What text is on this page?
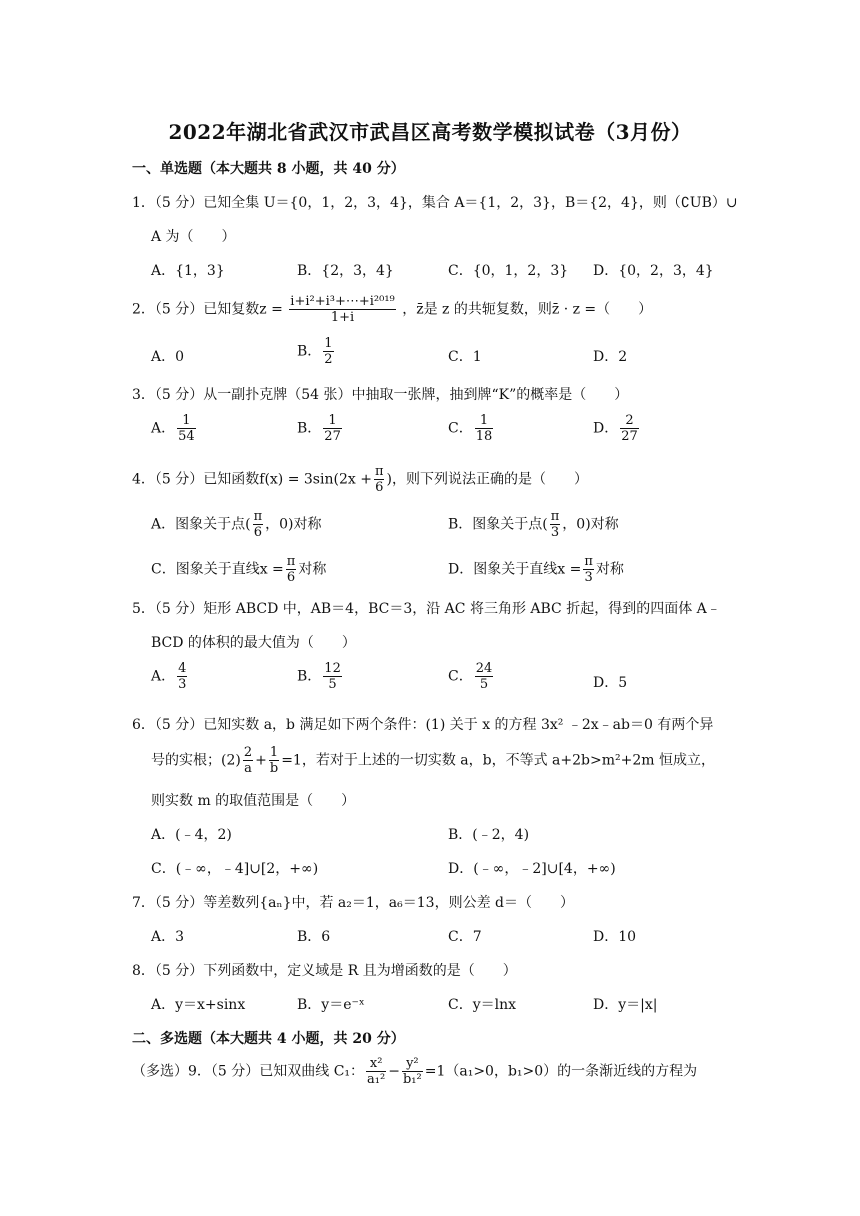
2022年湖北省武汉市武昌区高考数学模拟试卷（3月份）
一、单选题（本大题共 8 小题，共 40 分）
1．（5 分）已知全集 U＝{0，1，2，3，4}，集合 A＝{1，2，3}，B＝{2，4}，则（∁UB）∪
A 为（　　）
A．{1，3}	B．{2，3，4}	C．{0，1，2，3} D．{0，2，3，4}
2．（5 分）已知复数$z = \frac{\text{i+i²+i³+⋯+i²⁰¹⁹}}{1+i}$ ，z̄是 z 的共轭复数，则z̄ · z =（　　）
A．0	B． $\frac{1}{2}$	C．1	D．2
3．（5 分）从一副扑克牌（54 张）中抽取一张牌，抽到牌“K”的概率是（　　）
A． $\frac{1}{54}$	B． $\frac{1}{27}$	C． $\frac{1}{18}$	D． $\frac{2}{27}$
4．（5 分）已知函数$f(x) = 3\sin(2x + \frac{\pi}{6}$ )，则下列说法正确的是（　　）
A．图象关于点( $\frac{\pi}{6}$ ，0)对称	B．图象关于点( $\frac{\pi}{3}$ ，0)对称
C．图象关于直线$x = \frac{\pi}{6}$ 对称	D．图象关于直线$x = \frac{\pi}{3}$ 对称
5．（5 分）矩形 ABCD 中，AB＝4，BC＝3，沿 AC 将三角形 ABC 折起，得到的四面体 A﹣
BCD 的体积的最大值为（　　）
A． $\frac{4}{3}$	B． $\frac{12}{5}$	C． $\frac{24}{5}$	D．5
6．（5 分）已知实数 a，b 满足如下两个条件：(1) 关于 x 的方程 3x² ﹣2x﹣ab＝0 有两个异
号的实根；$(2) \frac{2}{a} + \frac{1}{b} =1$，若对于上述的一切实数 a，b，不等式 a+2b>m²+2m 恒成立，
则实数 m 的取值范围是（　　）
A．(﹣4，2)	B．(﹣2，4)
C．(﹣∞，﹣4]∪[2，+∞)	D．(﹣∞，﹣2]∪[4，+∞)
7．（5 分）等差数列{aₙ}中，若 a₂＝1，a₆＝13，则公差 d＝（　　）
A．3	B．6	C．7	D．10
8．（5 分）下列函数中，定义域是 R 且为增函数的是（　　）
A．y＝x+sinx	B．y＝e⁻ˣ	C．y＝lnx	D．y＝|x|
二、多选题（本大题共 4 小题，共 20 分）
（多选）9．（5 分）已知双曲线 C₁： $\frac{\text{x²}}{\text{a₁²}} - \frac{\text{y²}}{\text{b₁²}} =1(a_1>0$，b₁>0）的一条渐近线的方程为
